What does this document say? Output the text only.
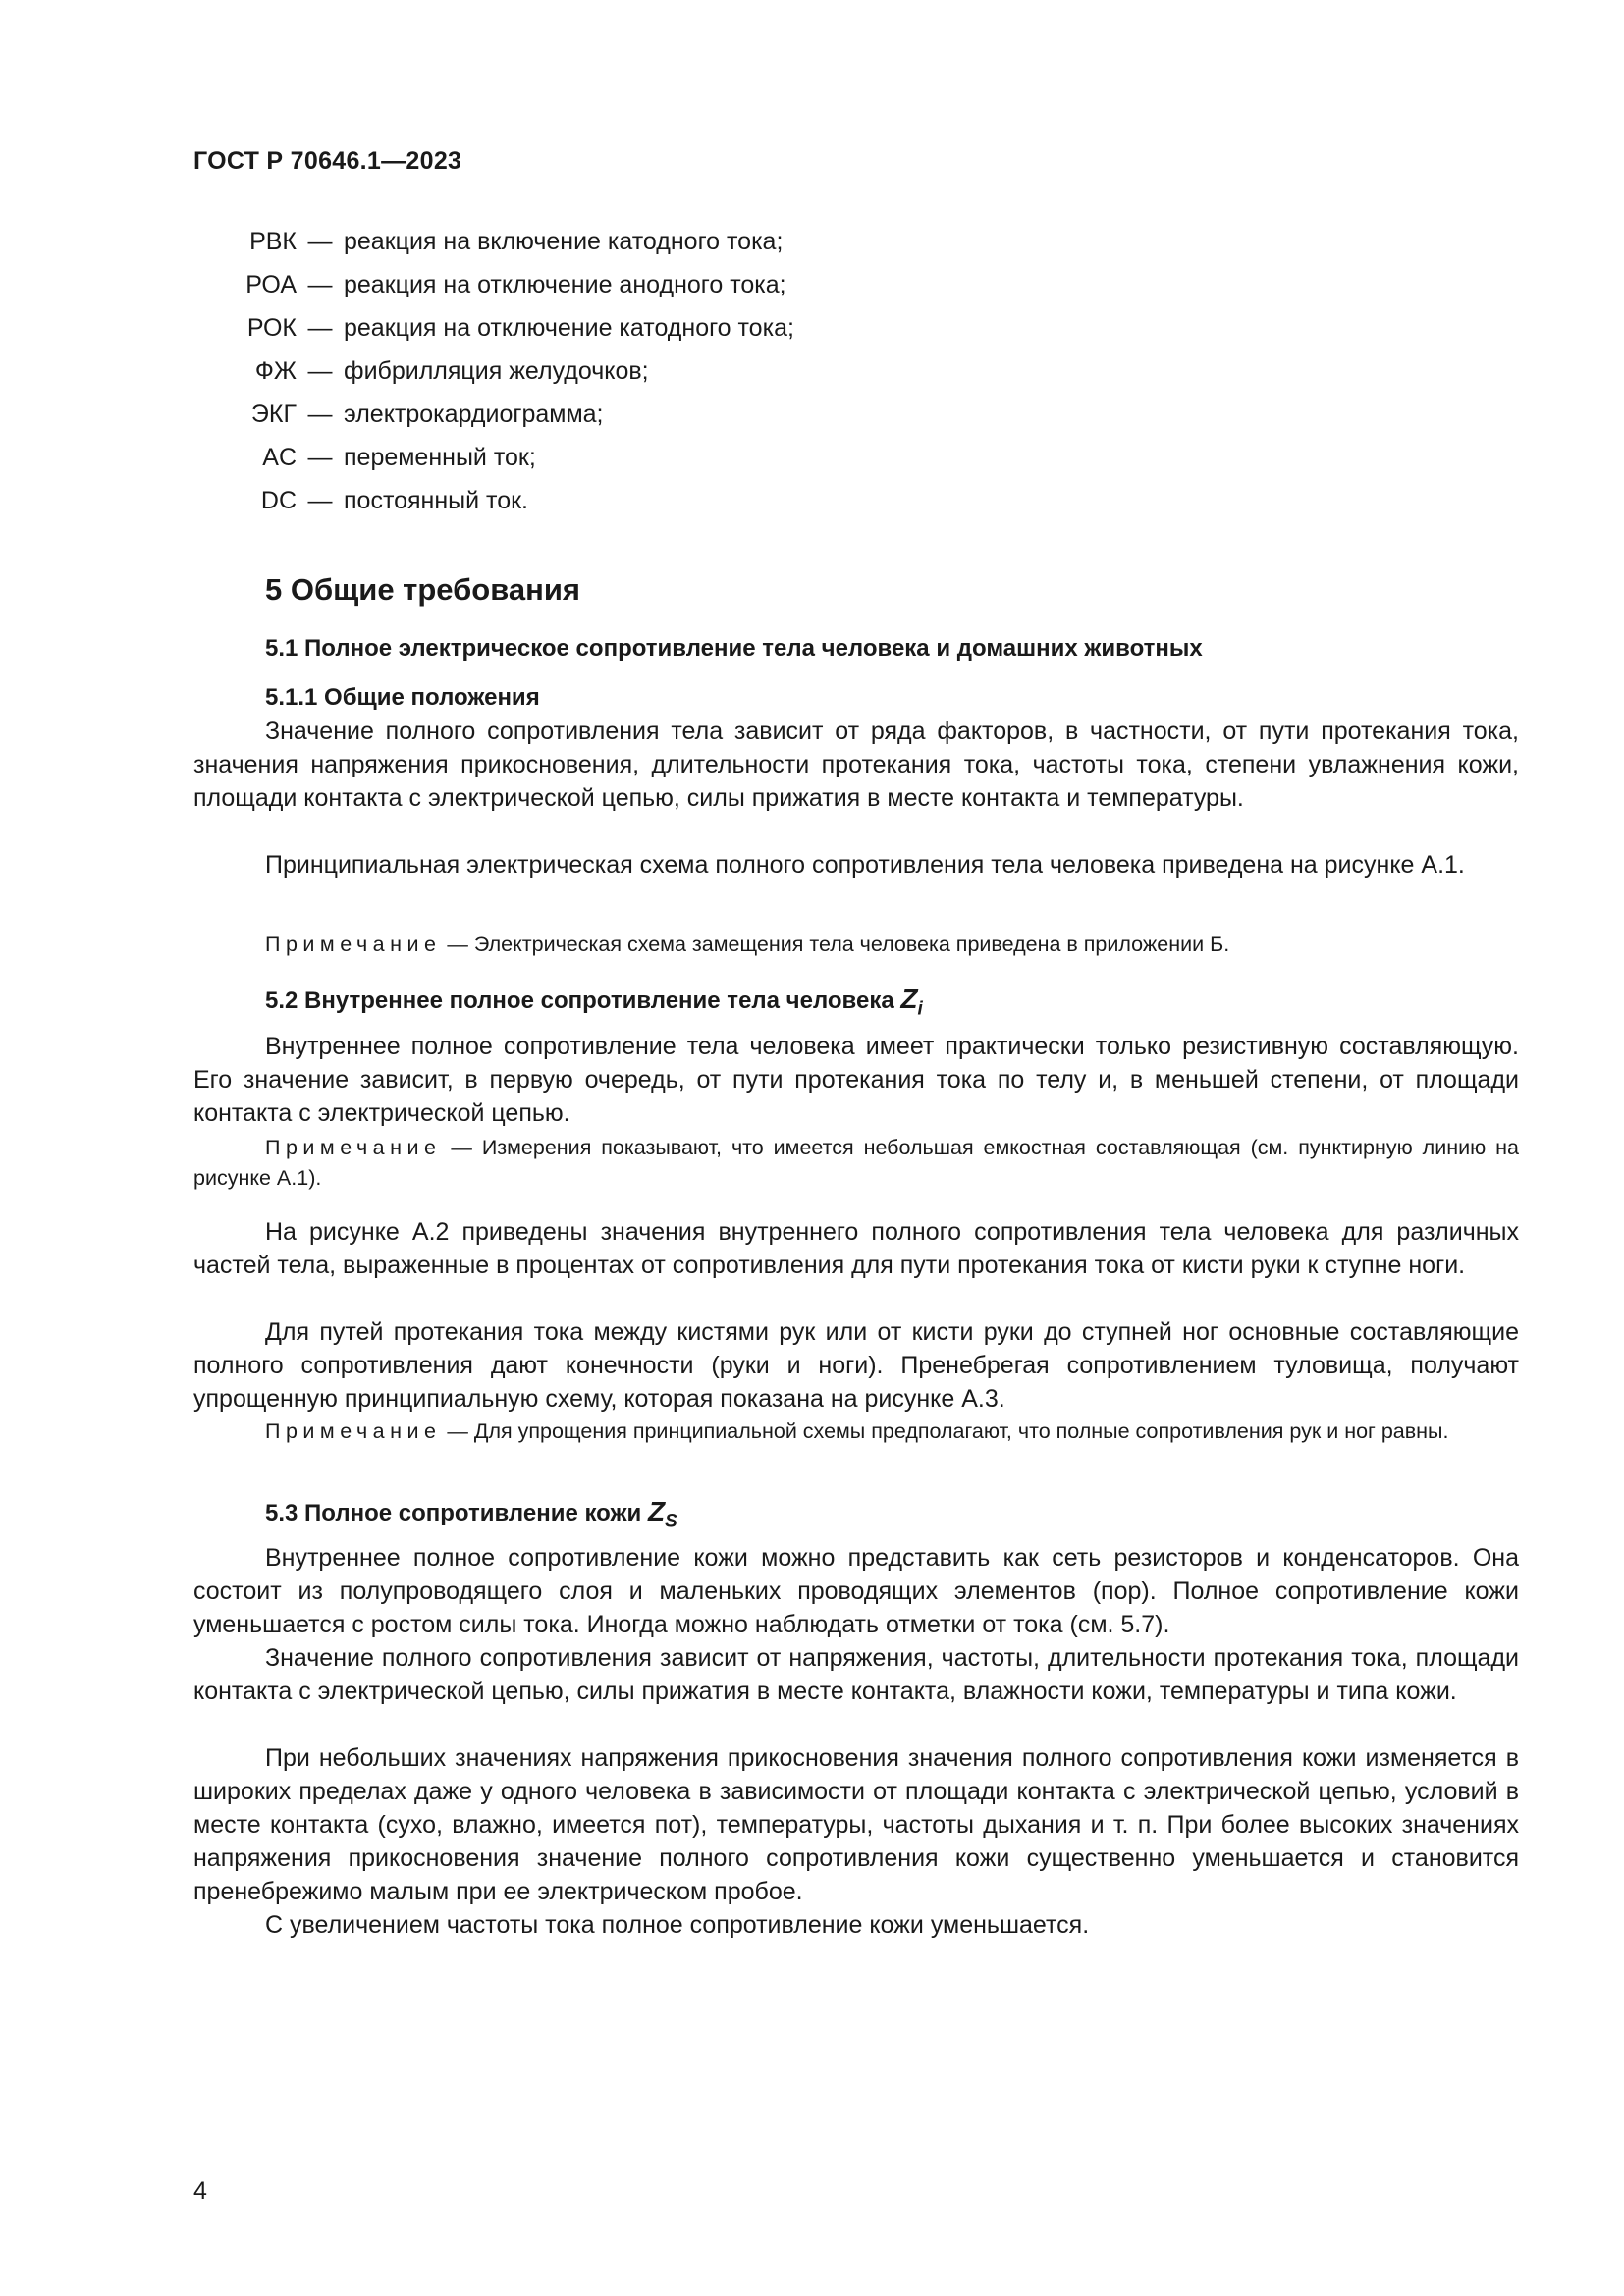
ГОСТ Р 70646.1—2023
РВК — реакция на включение катодного тока;
РОА — реакция на отключение анодного тока;
РОК — реакция на отключение катодного тока;
ФЖ — фибрилляция желудочков;
ЭКГ — электрокардиограмма;
AC — переменный ток;
DC — постоянный ток.
5 Общие требования
5.1 Полное электрическое сопротивление тела человека и домашних животных
5.1.1 Общие положения

Значение полного сопротивления тела зависит от ряда факторов, в частности, от пути протекания тока, значения напряжения прикосновения, длительности протекания тока, частоты тока, степени увлажнения кожи, площади контакта с электрической цепью, силы прижатия в месте контакта и температуры.

Принципиальная электрическая схема полного сопротивления тела человека приведена на рисунке А.1.

Примечание — Электрическая схема замещения тела человека приведена в приложении Б.

5.2 Внутреннее полное сопротивление тела человека $Z_i$

Внутреннее полное сопротивление тела человека имеет практически только резистивную составляющую. Его значение зависит, в первую очередь, от пути протекания тока по телу и, в меньшей степени, от площади контакта с электрической цепью.

Примечание — Измерения показывают, что имеется небольшая емкостная составляющая (см. пунктирную линию на рисунке А.1).

На рисунке А.2 приведены значения внутреннего полного сопротивления тела человека для различных частей тела, выраженные в процентах от сопротивления для пути протекания тока от кисти руки к ступне ноги.

Для путей протекания тока между кистями рук или от кисти руки до ступней ног основные составляющие полного сопротивления дают конечности (руки и ноги). Пренебрегая сопротивлением туловища, получают упрощенную принципиальную схему, которая показана на рисунке А.3.

Примечание — Для упрощения принципиальной схемы предполагают, что полные сопротивления рук и ног равны.

5.3 Полное сопротивление кожи $Z_S$

Внутреннее полное сопротивление кожи можно представить как сеть резисторов и конденсаторов. Она состоит из полупроводящего слоя и маленьких проводящих элементов (пор). Полное сопротивление кожи уменьшается с ростом силы тока. Иногда можно наблюдать отметки от тока (см. 5.7).

Значение полного сопротивления зависит от напряжения, частоты, длительности протекания тока, площади контакта с электрической цепью, силы прижатия в месте контакта, влажности кожи, температуры и типа кожи.

При небольших значениях напряжения прикосновения значения полного сопротивления кожи изменяется в широких пределах даже у одного человека в зависимости от площади контакта с электрической цепью, условий в месте контакта (сухо, влажно, имеется пот), температуры, частоты дыхания и т. п. При более высоких значениях напряжения прикосновения значение полного сопротивления кожи существенно уменьшается и становится пренебрежимо малым при ее электрическом пробое.

С увеличением частоты тока полное сопротивление кожи уменьшается.

4
